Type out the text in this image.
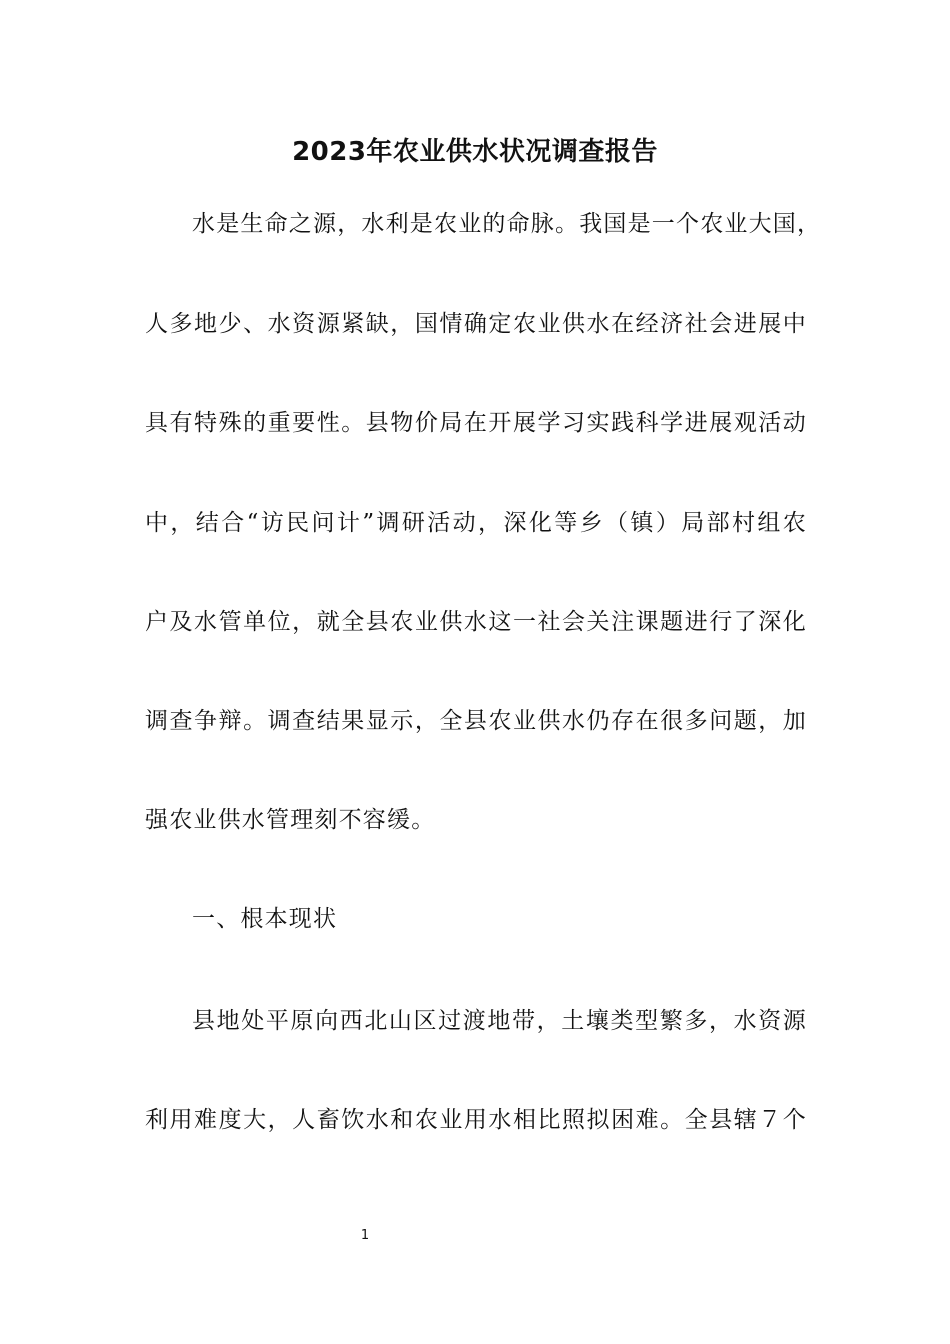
2023年农业供水状况调查报告
水是生命之源，水利是农业的命脉。我国是一个农业大国，
人多地少、水资源紧缺，国情确定农业供水在经济社会进展中
具有特殊的重要性。县物价局在开展学习实践科学进展观活动
中，结合“访民问计”调研活动，深化等乡（镇）局部村组农
户及水管单位，就全县农业供水这一社会关注课题进行了深化
调查争辩。调查结果显示，全县农业供水仍存在很多问题，加
强农业供水管理刻不容缓。
一、根本现状
县地处平原向西北山区过渡地带，土壤类型繁多，水资源
利用难度大，人畜饮水和农业用水相比照拟困难。全县辖７个
1
